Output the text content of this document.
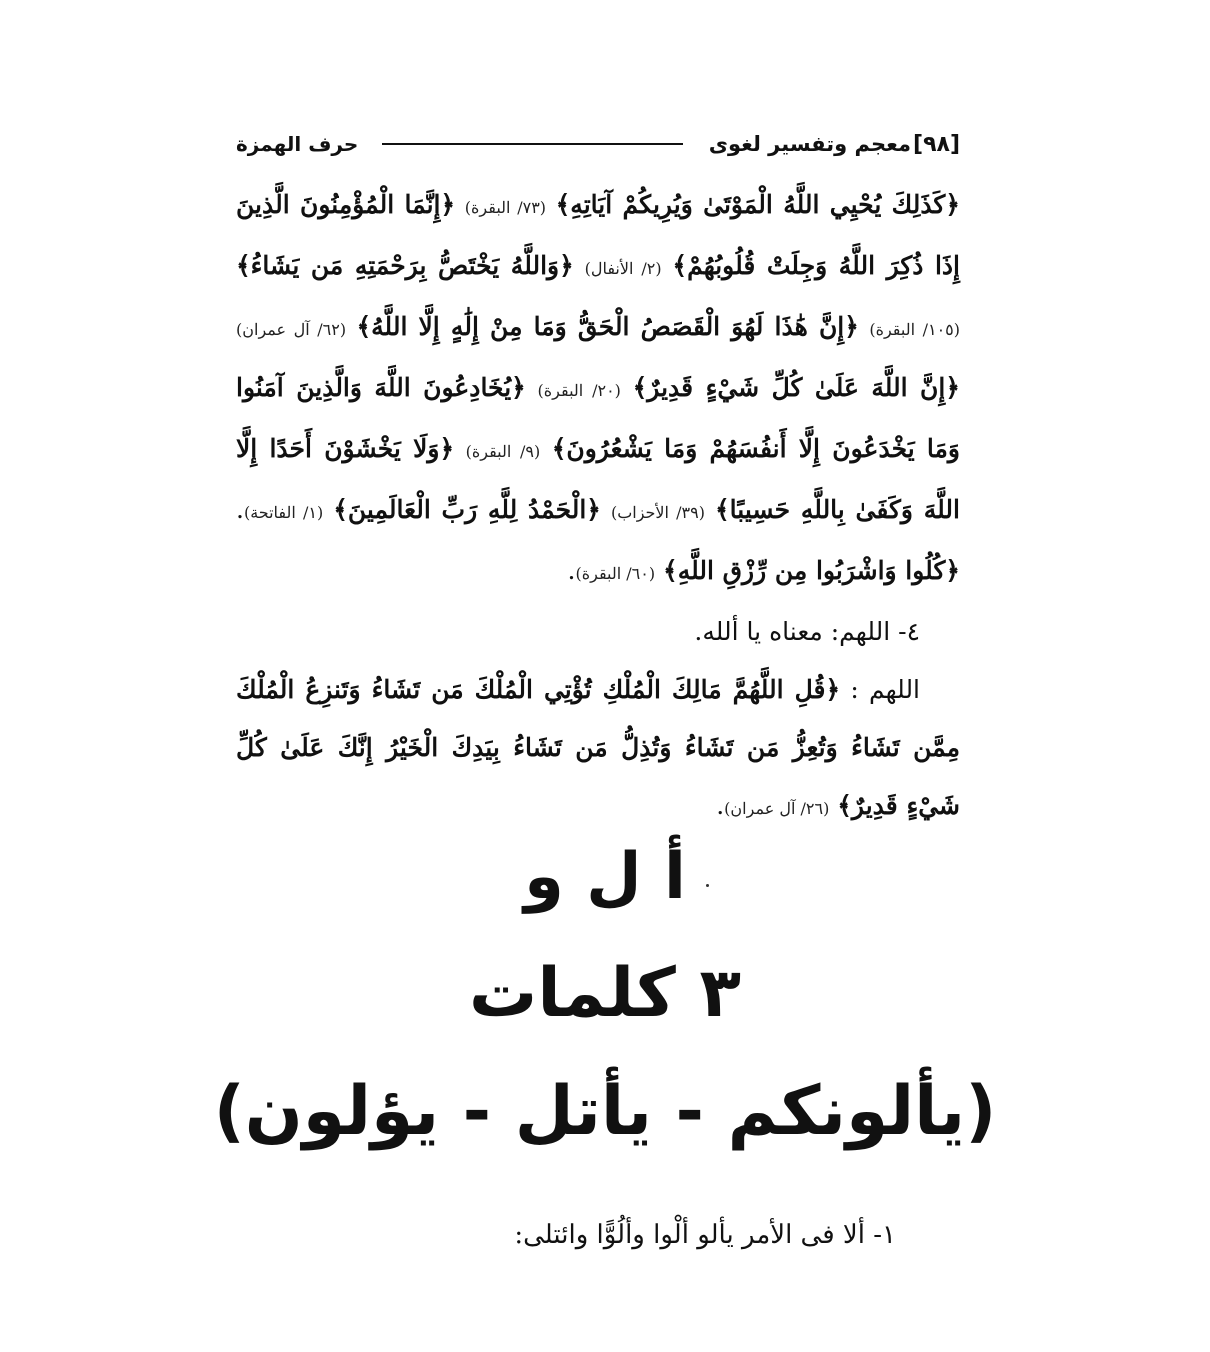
[٩٨]
معجم وتفسير لغوى
حرف الهمزة

﴿كَذَلِكَ يُحْيِي اللَّهُ الْمَوْتَىٰ وَيُرِيكُمْ آيَاتِهِ﴾ (٧٣/ البقرة) ﴿إِنَّمَا الْمُؤْمِنُونَ الَّذِينَ إِذَا ذُكِرَ اللَّهُ وَجِلَتْ قُلُوبُهُمْ﴾ (٢/ الأنفال) ﴿وَاللَّهُ يَخْتَصُّ بِرَحْمَتِهِ مَن يَشَاءُ﴾ (١٠٥/ البقرة) ﴿إِنَّ هَٰذَا لَهُوَ الْقَصَصُ الْحَقُّ وَمَا مِنْ إِلَٰهٍ إِلَّا اللَّهُ﴾ (٦٢/ آل عمران) ﴿إِنَّ اللَّهَ عَلَىٰ كُلِّ شَيْءٍ قَدِيرٌ﴾ (٢٠/ البقرة) ﴿يُخَادِعُونَ اللَّهَ وَالَّذِينَ آمَنُوا وَمَا يَخْدَعُونَ إِلَّا أَنفُسَهُمْ وَمَا يَشْعُرُونَ﴾ (٩/ البقرة) ﴿وَلَا يَخْشَوْنَ أَحَدًا إِلَّا اللَّهَ وَكَفَىٰ بِاللَّهِ حَسِيبًا﴾ (٣٩/ الأحزاب) ﴿الْحَمْدُ لِلَّهِ رَبِّ الْعَالَمِينَ﴾ (١/ الفاتحة). ﴿كُلُوا وَاشْرَبُوا مِن رِّزْقِ اللَّهِ﴾ (٦٠/ البقرة).

٤- اللهم: معناه يا ألله.

اللهم : ﴿قُلِ اللَّهُمَّ مَالِكَ الْمُلْكِ تُؤْتِي الْمُلْكَ مَن تَشَاءُ وَتَنزِعُ الْمُلْكَ مِمَّن تَشَاءُ وَتُعِزُّ مَن تَشَاءُ وَتُذِلُّ مَن تَشَاءُ بِيَدِكَ الْخَيْرُ إِنَّكَ عَلَىٰ كُلِّ شَيْءٍ قَدِيرٌ﴾ (٢٦/ آل عمران).

أ ل و
٣ كلمات
(يألونكم - يأتل - يؤلون)
١- ألا فى الأمر يألو ألْوا وألُوًّا وائتلى:
